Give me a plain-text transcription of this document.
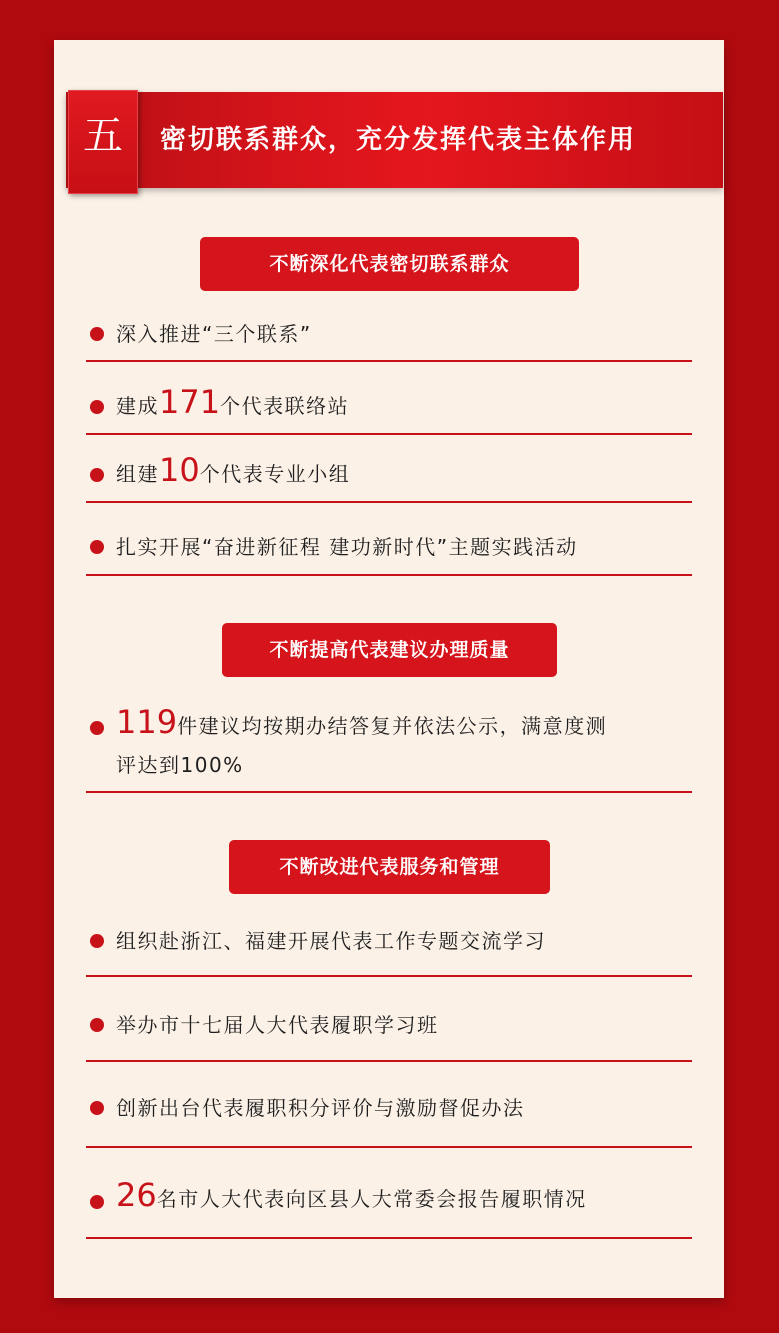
五	密切联系群众，充分发挥代表主体作用
不断深化代表密切联系群众
深入推进“三个联系”
建成171个代表联络站
组建10个代表专业小组
扎实开展“奋进新征程 建功新时代”主题实践活动
不断提高代表建议办理质量
119件建议均按期办结答复并依法公示，满意度测
评达到100%
不断改进代表服务和管理
组织赴浙江、福建开展代表工作专题交流学习
举办市十七届人大代表履职学习班
创新出台代表履职积分评价与激励督促办法
26名市人大代表向区县人大常委会报告履职情况
